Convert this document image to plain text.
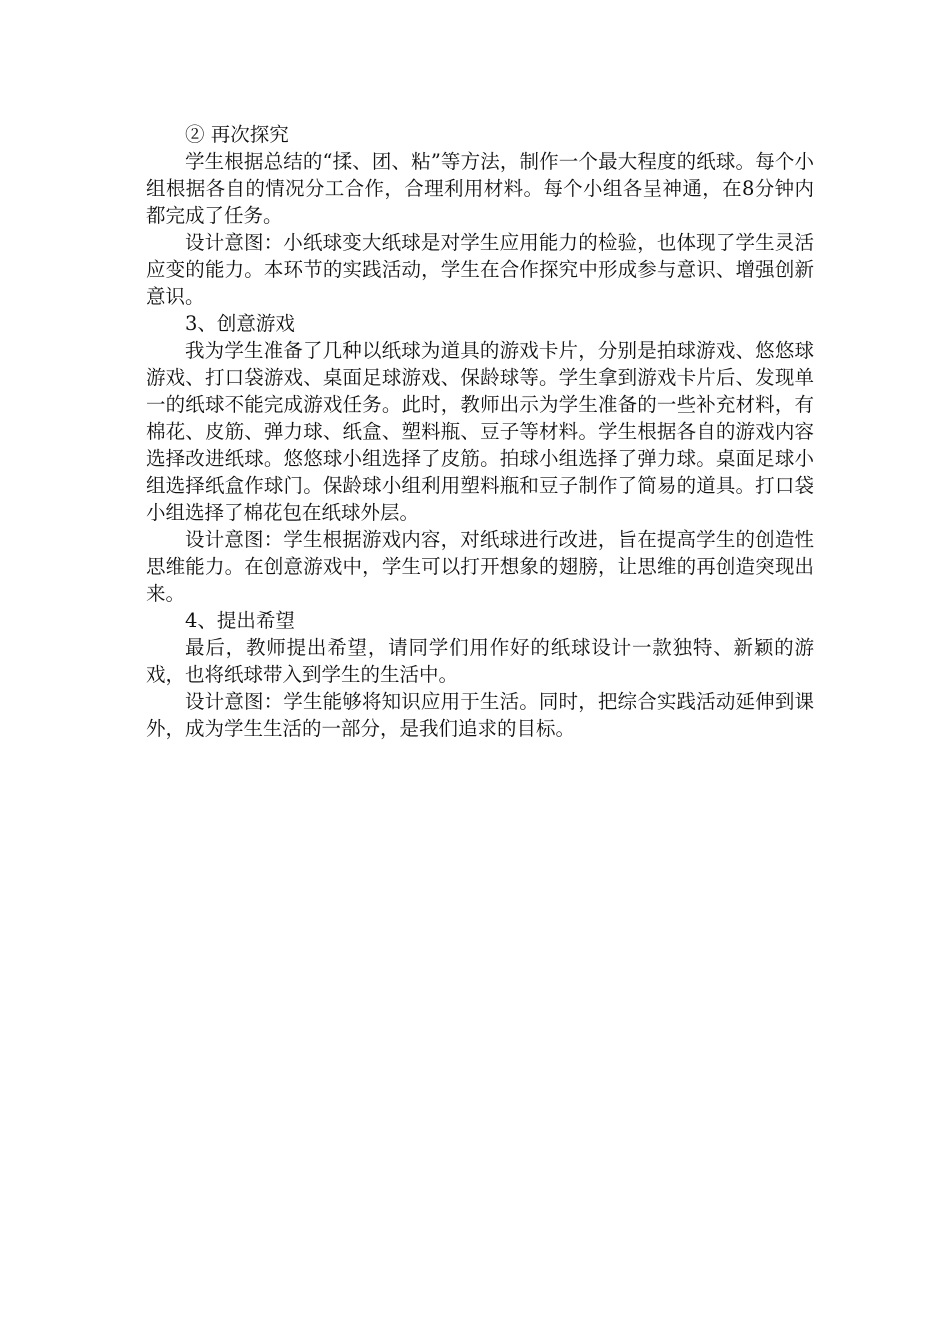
② 再次探究

学生根据总结的“揉、团、粘”等方法，制作一个最大程度的纸球。每个小组根据各自的情况分工合作，合理利用材料。每个小组各呈神通，在8分钟内都完成了任务。

设计意图：小纸球变大纸球是对学生应用能力的检验，也体现了学生灵活应变的能力。本环节的实践活动，学生在合作探究中形成参与意识、增强创新意识。

3、创意游戏

我为学生准备了几种以纸球为道具的游戏卡片，分别是拍球游戏、悠悠球游戏、打口袋游戏、桌面足球游戏、保龄球等。学生拿到游戏卡片后、发现单一的纸球不能完成游戏任务。此时，教师出示为学生准备的一些补充材料，有棉花、皮筋、弹力球、纸盒、塑料瓶、豆子等材料。学生根据各自的游戏内容选择改进纸球。悠悠球小组选择了皮筋。拍球小组选择了弹力球。桌面足球小组选择纸盒作球门。保龄球小组利用塑料瓶和豆子制作了简易的道具。打口袋小组选择了棉花包在纸球外层。

设计意图：学生根据游戏内容，对纸球进行改进，旨在提高学生的创造性思维能力。在创意游戏中，学生可以打开想象的翅膀，让思维的再创造突现出来。

4、提出希望

最后，教师提出希望，请同学们用作好的纸球设计一款独特、新颖的游戏，也将纸球带入到学生的生活中。

设计意图：学生能够将知识应用于生活。同时，把综合实践活动延伸到课外，成为学生生活的一部分，是我们追求的目标。
